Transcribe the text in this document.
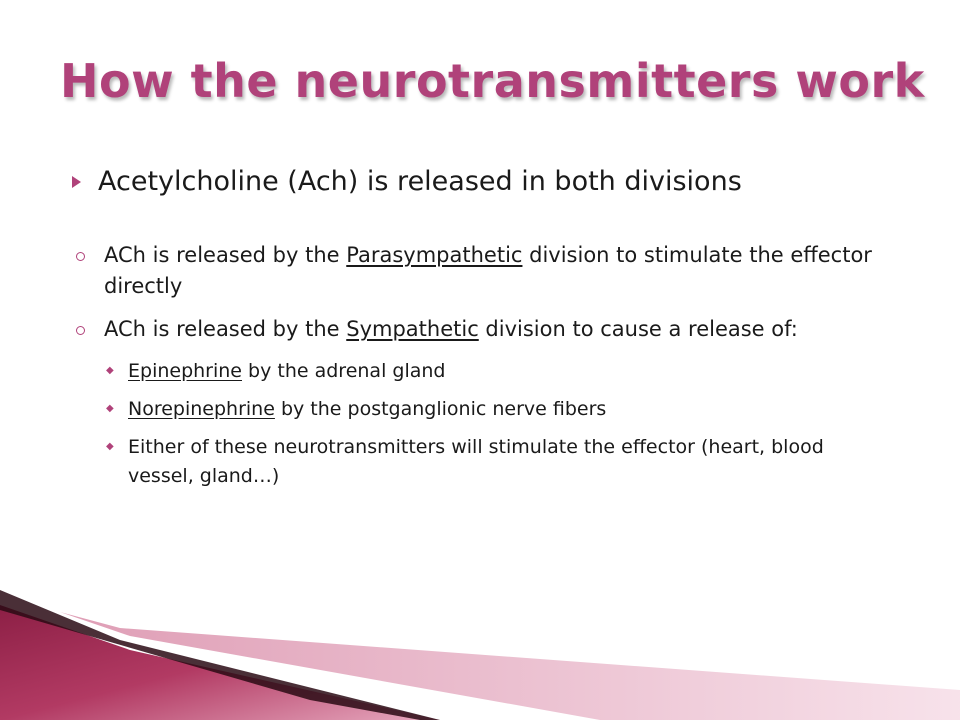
How the neurotransmitters work
Acetylcholine (Ach) is released in both divisions
ACh is released by the Parasympathetic division to stimulate the effector directly
ACh is released by the Sympathetic division to cause a release of:
◆ Epinephrine by the adrenal gland
◆ Norepinephrine by the postganglionic nerve fibers
◆ Either of these neurotransmitters will stimulate the effector (heart, blood vessel, gland…)
